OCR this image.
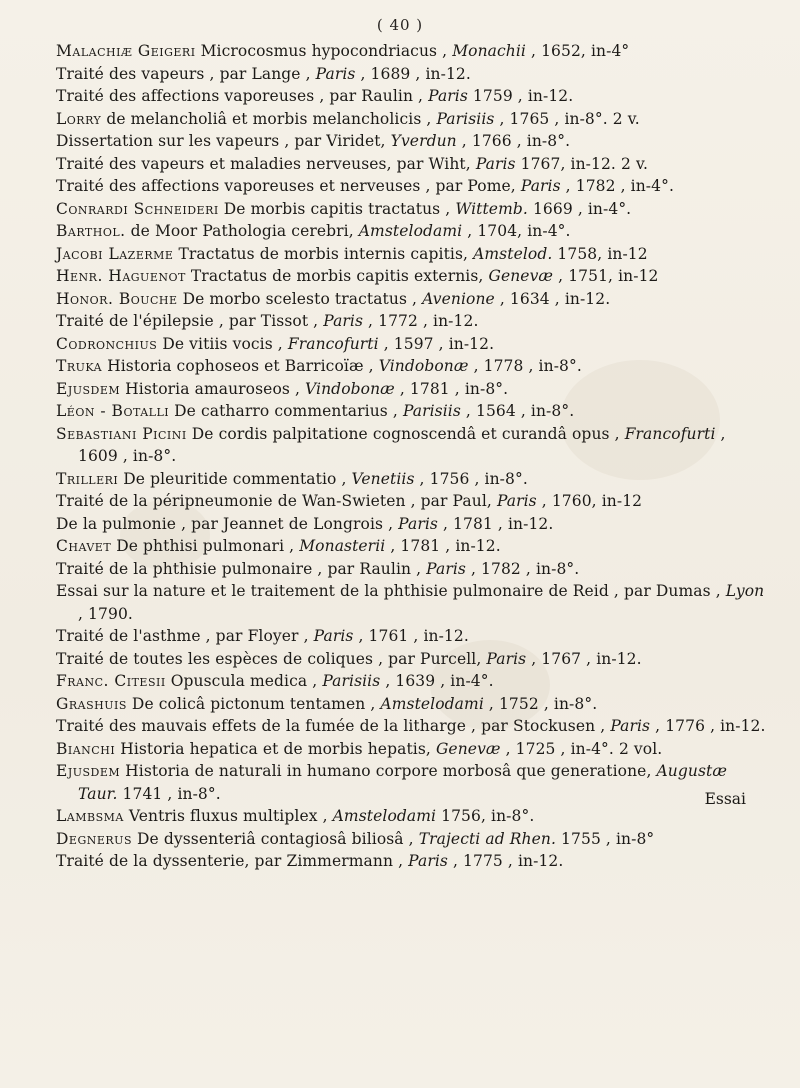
( 40 )
Malachiæ Geigeri Microcosmus hypocondriacus , Monachii , 1652, in-4°
Traité des vapeurs , par Lange , Paris , 1689 , in-12.
Traité des affections vaporeuses , par Raulin , Paris 1759 , in-12.
Lorry de melancholiâ et morbis melancholicis , Parisiis , 1765 , in-8°. 2 v.
Dissertation sur les vapeurs , par Viridet, Yverdun , 1766 , in-8°.
Traité des vapeurs et maladies nerveuses, par Wiht, Paris 1767, in-12. 2 v.
Traité des affections vaporeuses et nerveuses , par Pome, Paris , 1782 , in-4°.
Conrardi Schneideri De morbis capitis tractatus , Wittemb. 1669 , in-4°.
Barthol. de Moor Pathologia cerebri, Amstelodami , 1704, in-4°.
Jacobi Lazerme Tractatus de morbis internis capitis, Amstelod. 1758, in-12
Henr. Haguenot Tractatus de morbis capitis externis, Genevæ , 1751, in-12
Honor. Bouche De morbo scelesto tractatus , Avenione , 1634 , in-12.
Traité de l'épilepsie , par Tissot , Paris , 1772 , in-12.
Codronchius De vitiis vocis , Francofurti , 1597 , in-12.
Truka Historia cophoseos et Barricoïæ , Vindobonæ , 1778 , in-8°.
Ejusdem Historia amauroseos , Vindobonæ , 1781 , in-8°.
Léon - Botalli De catharro commentarius , Parisiis , 1564 , in-8°.
Sebastiani Picini De cordis palpitatione cognoscendâ et curandâ opus , Francofurti , 1609 , in-8°.
Trilleri De pleuritide commentatio , Venetiis , 1756 , in-8°.
Traité de la péripneumonie de Wan-Swieten , par Paul, Paris , 1760, in-12
De la pulmonie , par Jeannet de Longrois , Paris , 1781 , in-12.
Chavet De phthisi pulmonari , Monasterii , 1781 , in-12.
Traité de la phthisie pulmonaire , par Raulin , Paris , 1782 , in-8°.
Essai sur la nature et le traitement de la phthisie pulmonaire de Reid , par Dumas , Lyon , 1790.
Traité de l'asthme , par Floyer , Paris , 1761 , in-12.
Traité de toutes les espèces de coliques , par Purcell, Paris , 1767 , in-12.
Franc. Citesii Opuscula medica , Parisiis , 1639 , in-4°.
Grashuis De colicâ pictonum tentamen , Amstelodami , 1752 , in-8°.
Traité des mauvais effets de la fumée de la litharge , par Stockusen , Paris , 1776 , in-12.
Bianchi Historia hepatica et de morbis hepatis, Genevæ , 1725 , in-4°. 2 vol.
Ejusdem Historia de naturali in humano corpore morbosâ que generatione, Augustæ Taur. 1741 , in-8°.
Lambsma Ventris fluxus multiplex , Amstelodami 1756, in-8°.
Degnerus De dyssenteriâ contagiosâ biliosâ , Trajecti ad Rhen. 1755 , in-8°
Traité de la dyssenterie, par Zimmermann , Paris , 1775 , in-12.
Essai
